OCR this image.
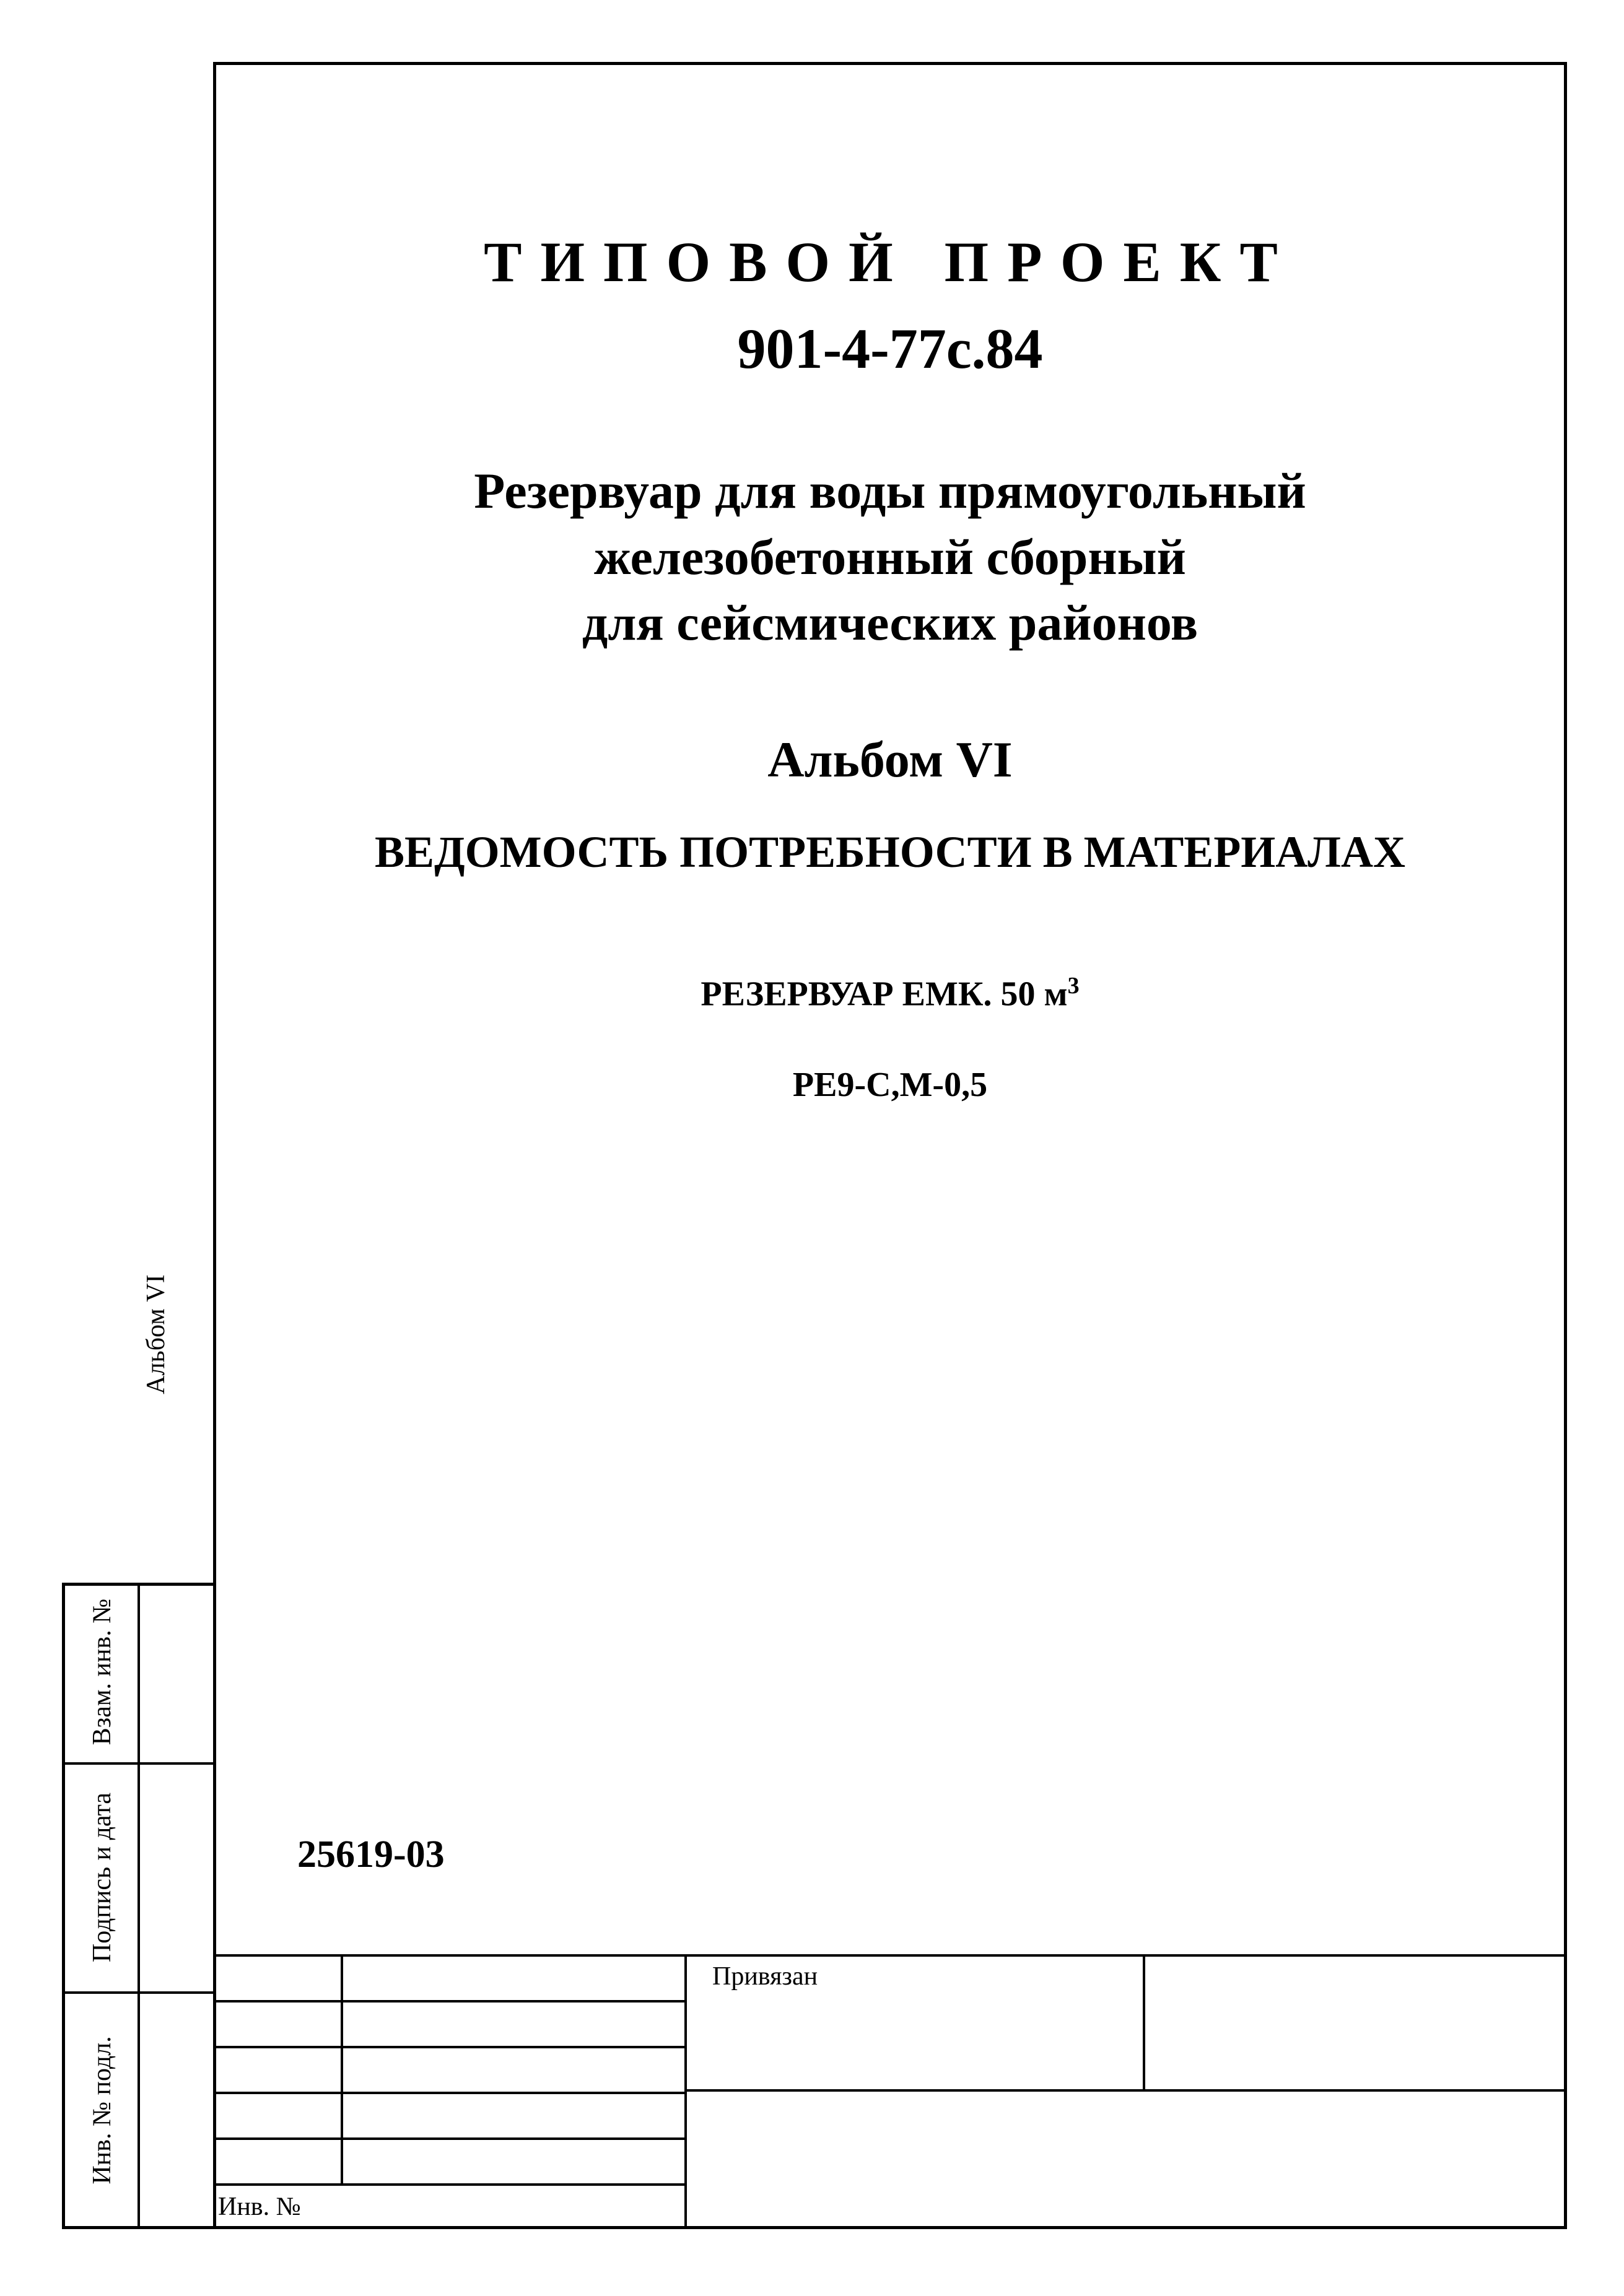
ТИПОВОЙ ПРОЕКТ
901-4-77с.84
Резервуар для воды прямоугольный
железобетонный сборный
для сейсмических районов
Альбом VI
ВЕДОМОСТЬ ПОТРЕБНОСТИ В МАТЕРИАЛАХ
РЕЗЕРВУАР ЕМК. 50 $м^3$
РЕ9-С,М-0,5
25619-03
Альбом VI
Взам. инв. №
Подпись и дата
Инв. № подл.
Привязан
Инв. №
